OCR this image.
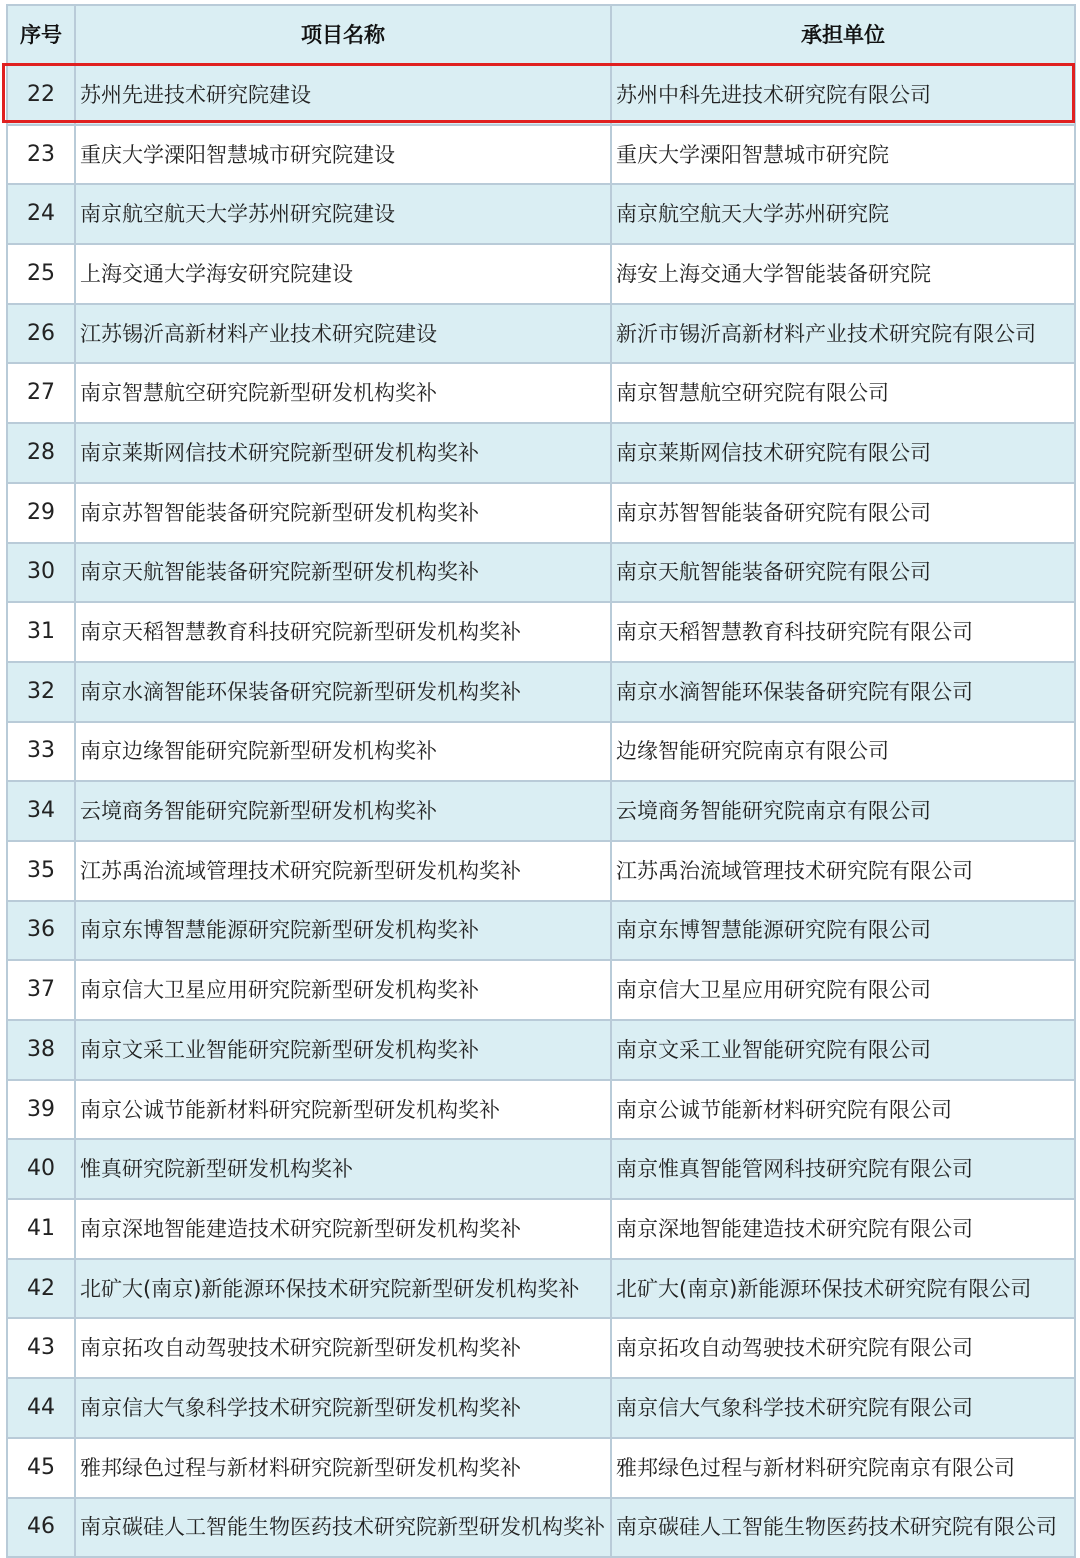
序号	项目名称	承担单位
22	苏州先进技术研究院建设	苏州中科先进技术研究院有限公司
23	重庆大学溧阳智慧城市研究院建设	重庆大学溧阳智慧城市研究院
24	南京航空航天大学苏州研究院建设	南京航空航天大学苏州研究院
25	上海交通大学海安研究院建设	海安上海交通大学智能装备研究院
26	江苏锡沂高新材料产业技术研究院建设	新沂市锡沂高新材料产业技术研究院有限公司
27	南京智慧航空研究院新型研发机构奖补	南京智慧航空研究院有限公司
28	南京莱斯网信技术研究院新型研发机构奖补	南京莱斯网信技术研究院有限公司
29	南京苏智智能装备研究院新型研发机构奖补	南京苏智智能装备研究院有限公司
30	南京天航智能装备研究院新型研发机构奖补	南京天航智能装备研究院有限公司
31	南京天稻智慧教育科技研究院新型研发机构奖补	南京天稻智慧教育科技研究院有限公司
32	南京水滴智能环保装备研究院新型研发机构奖补	南京水滴智能环保装备研究院有限公司
33	南京边缘智能研究院新型研发机构奖补	边缘智能研究院南京有限公司
34	云境商务智能研究院新型研发机构奖补	云境商务智能研究院南京有限公司
35	江苏禹治流域管理技术研究院新型研发机构奖补	江苏禹治流域管理技术研究院有限公司
36	南京东博智慧能源研究院新型研发机构奖补	南京东博智慧能源研究院有限公司
37	南京信大卫星应用研究院新型研发机构奖补	南京信大卫星应用研究院有限公司
38	南京文采工业智能研究院新型研发机构奖补	南京文采工业智能研究院有限公司
39	南京公诚节能新材料研究院新型研发机构奖补	南京公诚节能新材料研究院有限公司
40	惟真研究院新型研发机构奖补	南京惟真智能管网科技研究院有限公司
41	南京深地智能建造技术研究院新型研发机构奖补	南京深地智能建造技术研究院有限公司
42	北矿大(南京)新能源环保技术研究院新型研发机构奖补	北矿大(南京)新能源环保技术研究院有限公司
43	南京拓攻自动驾驶技术研究院新型研发机构奖补	南京拓攻自动驾驶技术研究院有限公司
44	南京信大气象科学技术研究院新型研发机构奖补	南京信大气象科学技术研究院有限公司
45	雅邦绿色过程与新材料研究院新型研发机构奖补	雅邦绿色过程与新材料研究院南京有限公司
46	南京碳硅人工智能生物医药技术研究院新型研发机构奖补	南京碳硅人工智能生物医药技术研究院有限公司
